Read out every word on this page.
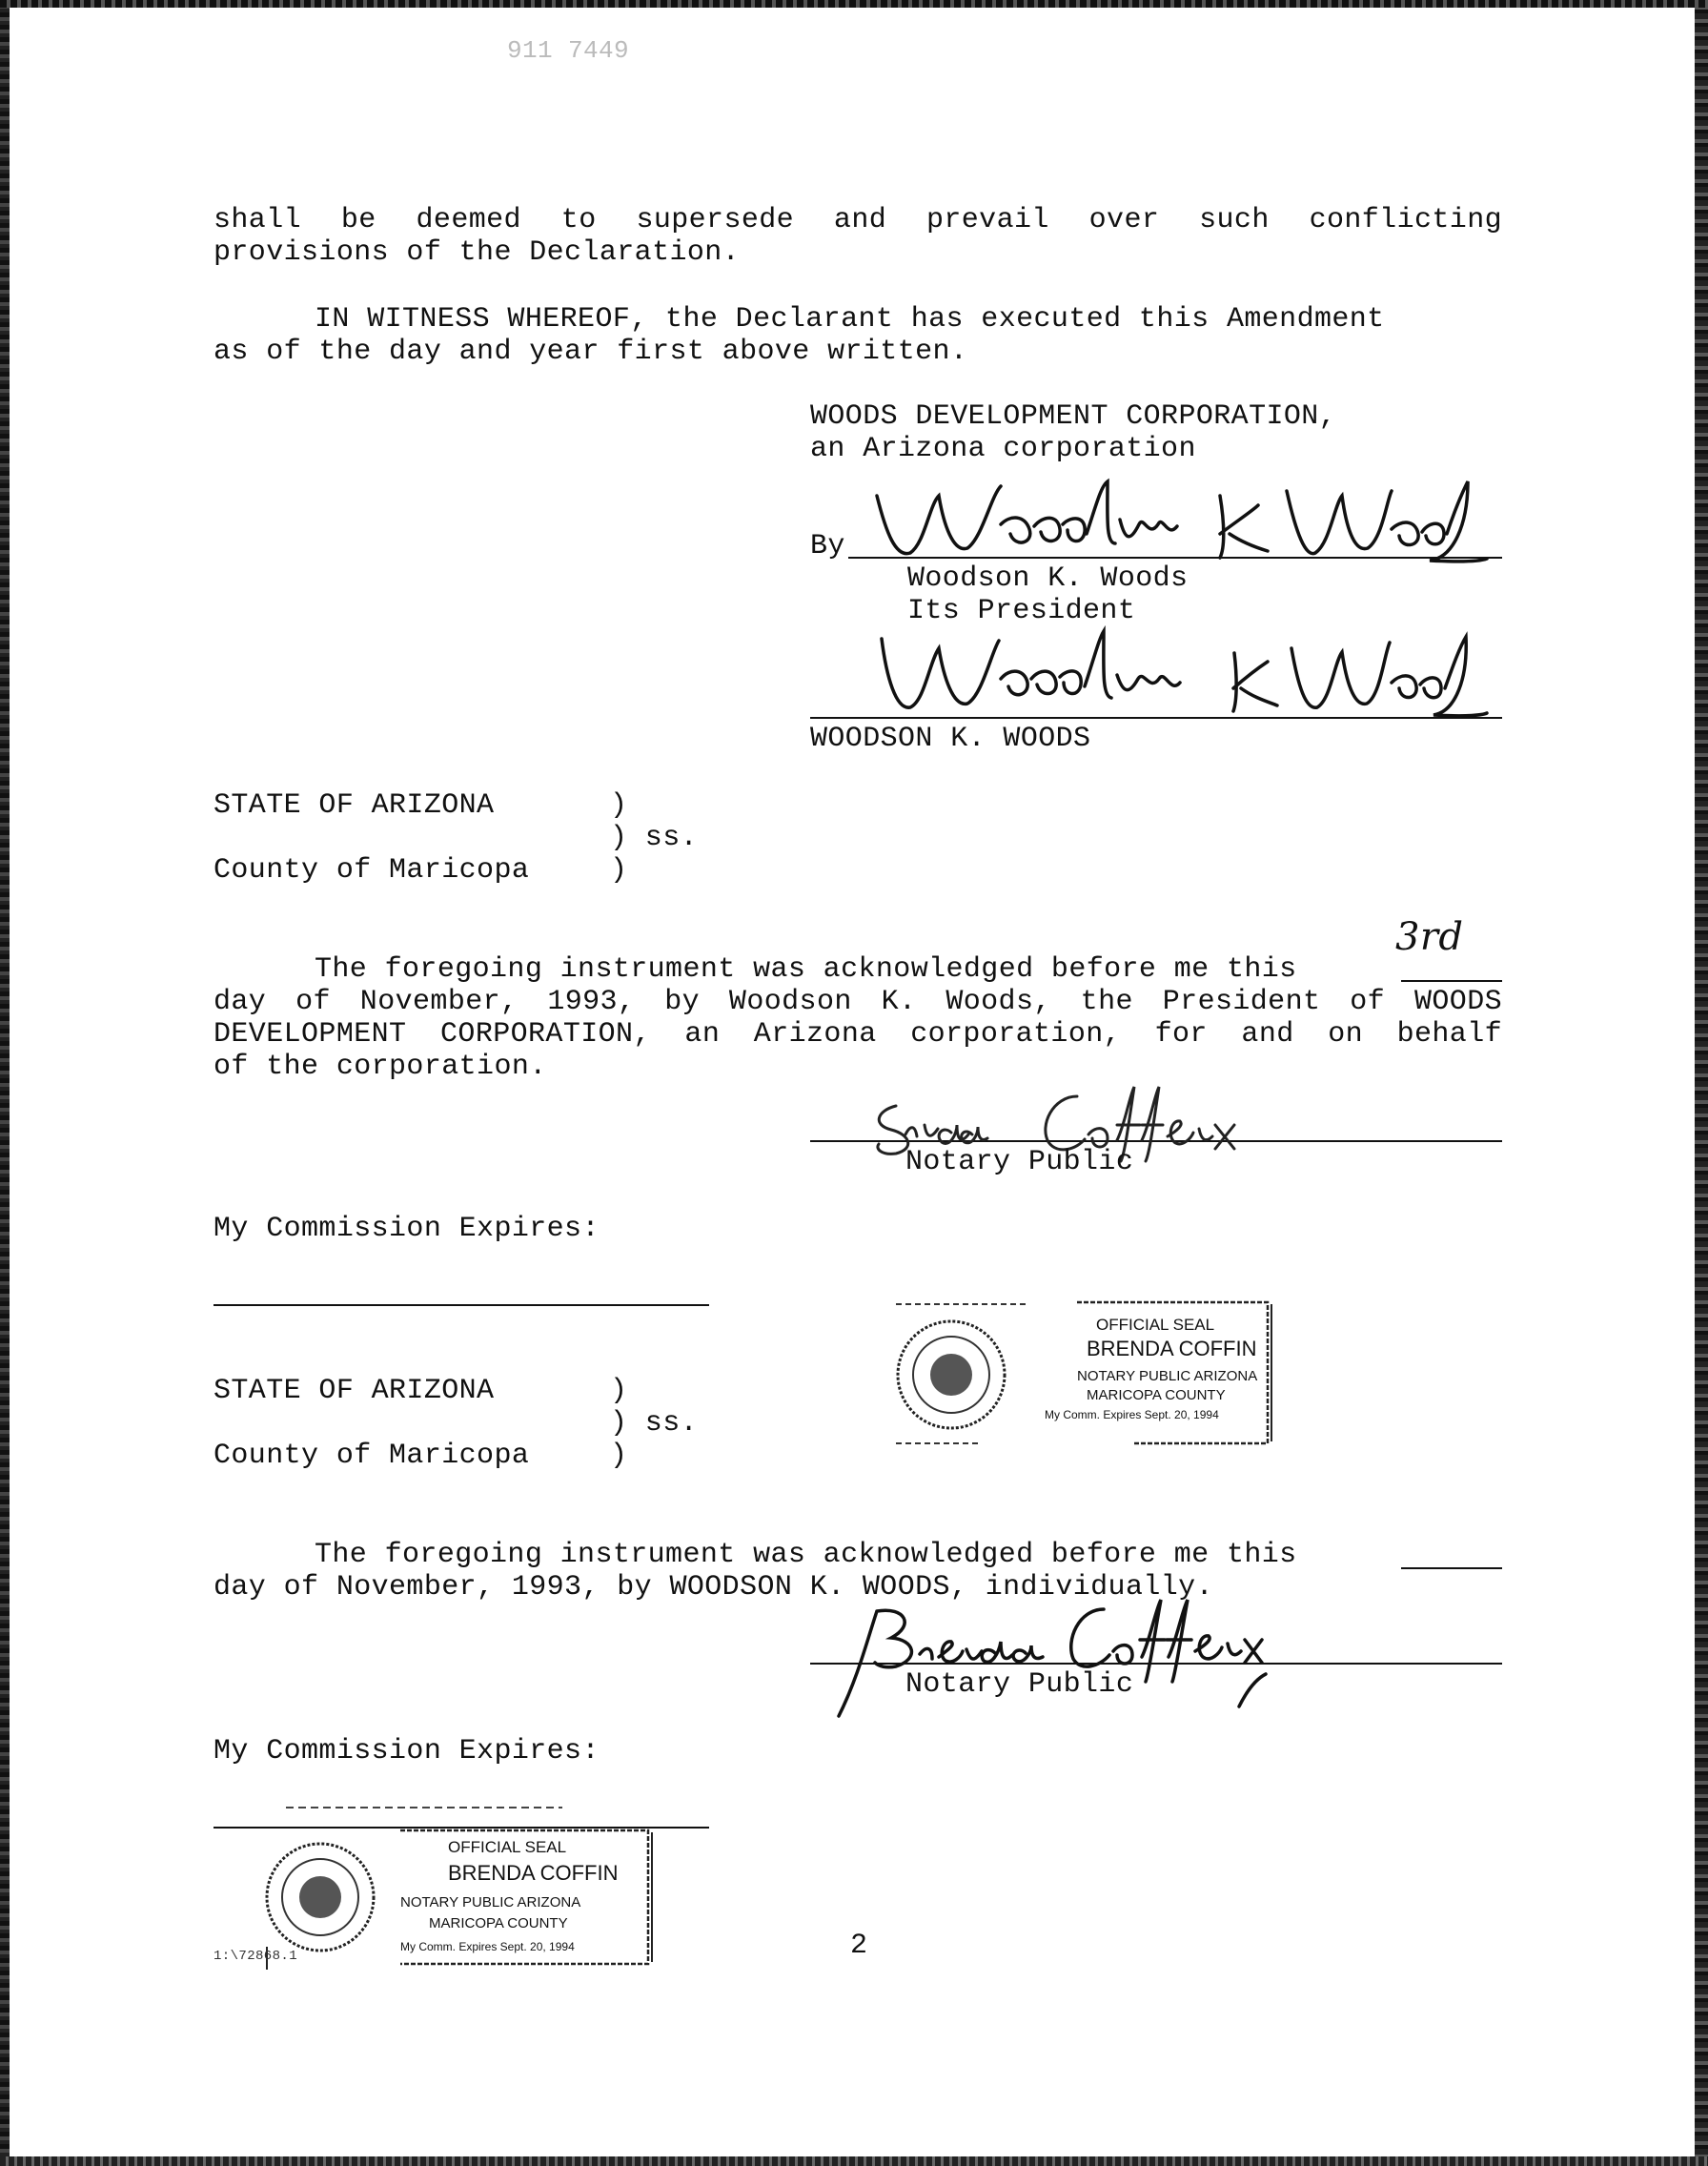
911 7449
shall be deemed to supersede and prevail over such conflicting
provisions of the Declaration.
IN WITNESS WHEREOF, the Declarant has executed this Amendment
as of the day and year first above written.
WOODS DEVELOPMENT CORPORATION,
an Arizona corporation
By
Woodson K. Woods
Its President
WOODSON K. WOODS
STATE OF ARIZONA	)
) ss.
County of Maricopa	)
The foregoing instrument was acknowledged before me this
3rd
day of November, 1993, by Woodson K. Woods, the President of WOODS
DEVELOPMENT CORPORATION, an Arizona corporation, for and on behalf
of the corporation.
Notary Public
My Commission Expires:
OFFICIAL SEAL
BRENDA COFFIN
NOTARY PUBLIC ARIZONA
MARICOPA COUNTY
My Comm. Expires Sept. 20, 1994
STATE OF ARIZONA	)
) ss.
County of Maricopa	)
The foregoing instrument was acknowledged before me this
day of November, 1993, by WOODSON K. WOODS, individually.
Notary Public
My Commission Expires:
OFFICIAL SEAL
BRENDA COFFIN
NOTARY PUBLIC ARIZONA
MARICOPA COUNTY
My Comm. Expires Sept. 20, 1994	2
1:\72868.1
